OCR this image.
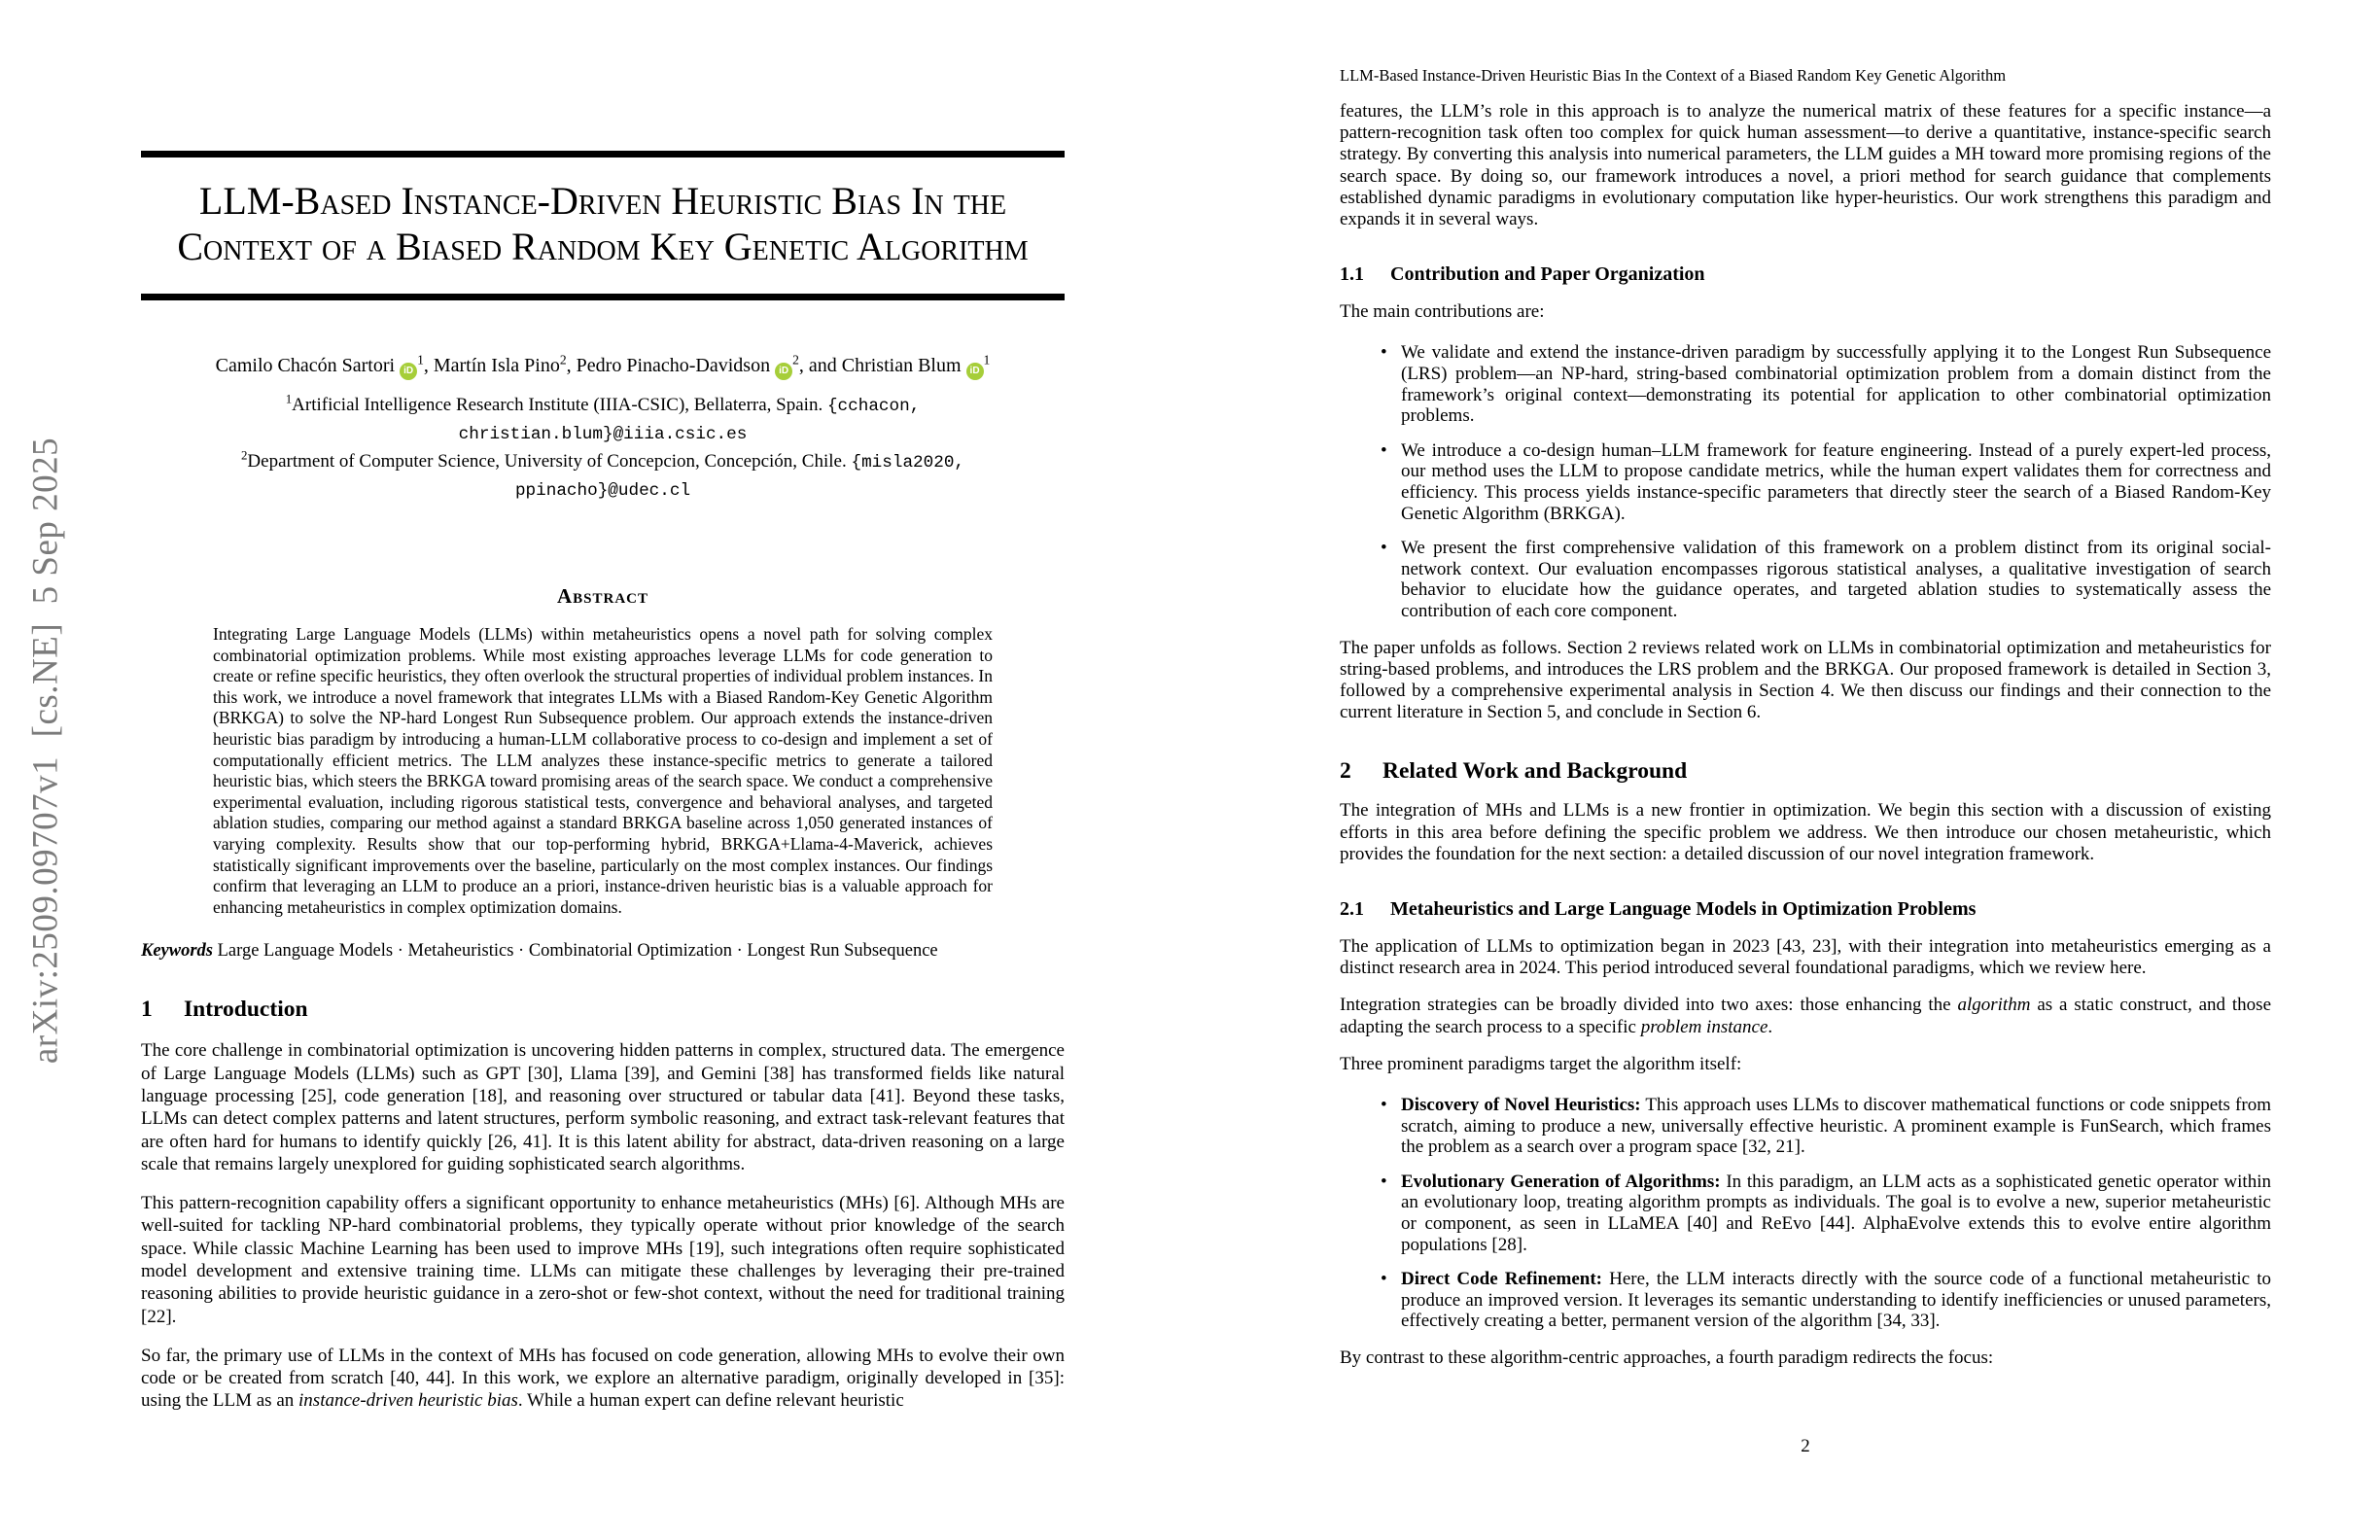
arXiv:2509.09707v1  [cs.NE]  5 Sep 2025
LLM-Based Instance-Driven Heuristic Bias In the
Context of a Biased Random Key Genetic Algorithm
Camilo Chacón Sartori $iD^1$, Martín Isla Pino$^2$, Pedro Pinacho-Davidson $iD^2$, and Christian Blum $iD^1$
$^1$Artificial Intelligence Research Institute (IIIA-CSIC), Bellaterra, Spain. {cchacon,
christian.blum}@iiia.csic.es
$^2$Department of Computer Science, University of Concepcion, Concepción, Chile. {misla2020,
ppinacho}@udec.cl
Abstract
Integrating Large Language Models (LLMs) within metaheuristics opens a novel path for solving complex combinatorial optimization problems. While most existing approaches leverage LLMs for code generation to create or refine specific heuristics, they often overlook the structural properties of individual problem instances. In this work, we introduce a novel framework that integrates LLMs with a Biased Random-Key Genetic Algorithm (BRKGA) to solve the NP-hard Longest Run Subsequence problem. Our approach extends the instance-driven heuristic bias paradigm by introducing a human-LLM collaborative process to co-design and implement a set of computationally efficient metrics. The LLM analyzes these instance-specific metrics to generate a tailored heuristic bias, which steers the BRKGA toward promising areas of the search space. We conduct a comprehensive experimental evaluation, including rigorous statistical tests, convergence and behavioral analyses, and targeted ablation studies, comparing our method against a standard BRKGA baseline across 1,050 generated instances of varying complexity. Results show that our top-performing hybrid, BRKGA+Llama-4-Maverick, achieves statistically significant improvements over the baseline, particularly on the most complex instances. Our findings confirm that leveraging an LLM to produce an a priori, instance-driven heuristic bias is a valuable approach for enhancing metaheuristics in complex optimization domains.
Keywords Large Language Models · Metaheuristics · Combinatorial Optimization · Longest Run Subsequence
1 Introduction

The core challenge in combinatorial optimization is uncovering hidden patterns in complex, structured data. The emergence of Large Language Models (LLMs) such as GPT [30], Llama [39], and Gemini [38] has transformed fields like natural language processing [25], code generation [18], and reasoning over structured or tabular data [41]. Beyond these tasks, LLMs can detect complex patterns and latent structures, perform symbolic reasoning, and extract task-relevant features that are often hard for humans to identify quickly [26, 41]. It is this latent ability for abstract, data-driven reasoning on a large scale that remains largely unexplored for guiding sophisticated search algorithms.

This pattern-recognition capability offers a significant opportunity to enhance metaheuristics (MHs) [6]. Although MHs are well-suited for tackling NP-hard combinatorial problems, they typically operate without prior knowledge of the search space. While classic Machine Learning has been used to improve MHs [19], such integrations often require sophisticated model development and extensive training time. LLMs can mitigate these challenges by leveraging their pre-trained reasoning abilities to provide heuristic guidance in a zero-shot or few-shot context, without the need for traditional training [22].

So far, the primary use of LLMs in the context of MHs has focused on code generation, allowing MHs to evolve their own code or be created from scratch [40, 44]. In this work, we explore an alternative paradigm, originally developed in [35]: using the LLM as an instance-driven heuristic bias. While a human expert can define relevant heuristic

LLM-Based Instance-Driven Heuristic Bias In the Context of a Biased Random Key Genetic Algorithm

features, the LLM’s role in this approach is to analyze the numerical matrix of these features for a specific instance—a pattern-recognition task often too complex for quick human assessment—to derive a quantitative, instance-specific search strategy. By converting this analysis into numerical parameters, the LLM guides a MH toward more promising regions of the search space. By doing so, our framework introduces a novel, a priori method for search guidance that complements established dynamic paradigms in evolutionary computation like hyper-heuristics. Our work strengthens this paradigm and expands it in several ways.

1.1 Contribution and Paper Organization

The main contributions are:

• We validate and extend the instance-driven paradigm by successfully applying it to the Longest Run Subsequence (LRS) problem—an NP-hard, string-based combinatorial optimization problem from a domain distinct from the framework’s original context—demonstrating its potential for application to other combinatorial optimization problems.
• We introduce a co-design human–LLM framework for feature engineering. Instead of a purely expert-led process, our method uses the LLM to propose candidate metrics, while the human expert validates them for correctness and efficiency. This process yields instance-specific parameters that directly steer the search of a Biased Random-Key Genetic Algorithm (BRKGA).
• We present the first comprehensive validation of this framework on a problem distinct from its original social-network context. Our evaluation encompasses rigorous statistical analyses, a qualitative investigation of search behavior to elucidate how the guidance operates, and targeted ablation studies to systematically assess the contribution of each core component.

The paper unfolds as follows. Section 2 reviews related work on LLMs in combinatorial optimization and metaheuristics for string-based problems, and introduces the LRS problem and the BRKGA. Our proposed framework is detailed in Section 3, followed by a comprehensive experimental analysis in Section 4. We then discuss our findings and their connection to the current literature in Section 5, and conclude in Section 6.

2 Related Work and Background

The integration of MHs and LLMs is a new frontier in optimization. We begin this section with a discussion of existing efforts in this area before defining the specific problem we address. We then introduce our chosen metaheuristic, which provides the foundation for the next section: a detailed discussion of our novel integration framework.

2.1 Metaheuristics and Large Language Models in Optimization Problems

The application of LLMs to optimization began in 2023 [43, 23], with their integration into metaheuristics emerging as a distinct research area in 2024. This period introduced several foundational paradigms, which we review here.

Integration strategies can be broadly divided into two axes: those enhancing the algorithm as a static construct, and those adapting the search process to a specific problem instance.

Three prominent paradigms target the algorithm itself:

• Discovery of Novel Heuristics: This approach uses LLMs to discover mathematical functions or code snippets from scratch, aiming to produce a new, universally effective heuristic. A prominent example is FunSearch, which frames the problem as a search over a program space [32, 21].
• Evolutionary Generation of Algorithms: In this paradigm, an LLM acts as a sophisticated genetic operator within an evolutionary loop, treating algorithm prompts as individuals. The goal is to evolve a new, superior metaheuristic or component, as seen in LLaMEA [40] and ReEvo [44]. AlphaEvolve extends this to evolve entire algorithm populations [28].
• Direct Code Refinement: Here, the LLM interacts directly with the source code of a functional metaheuristic to produce an improved version. It leverages its semantic understanding to identify inefficiencies or unused parameters, effectively creating a better, permanent version of the algorithm [34, 33].

By contrast to these algorithm-centric approaches, a fourth paradigm redirects the focus:

2
